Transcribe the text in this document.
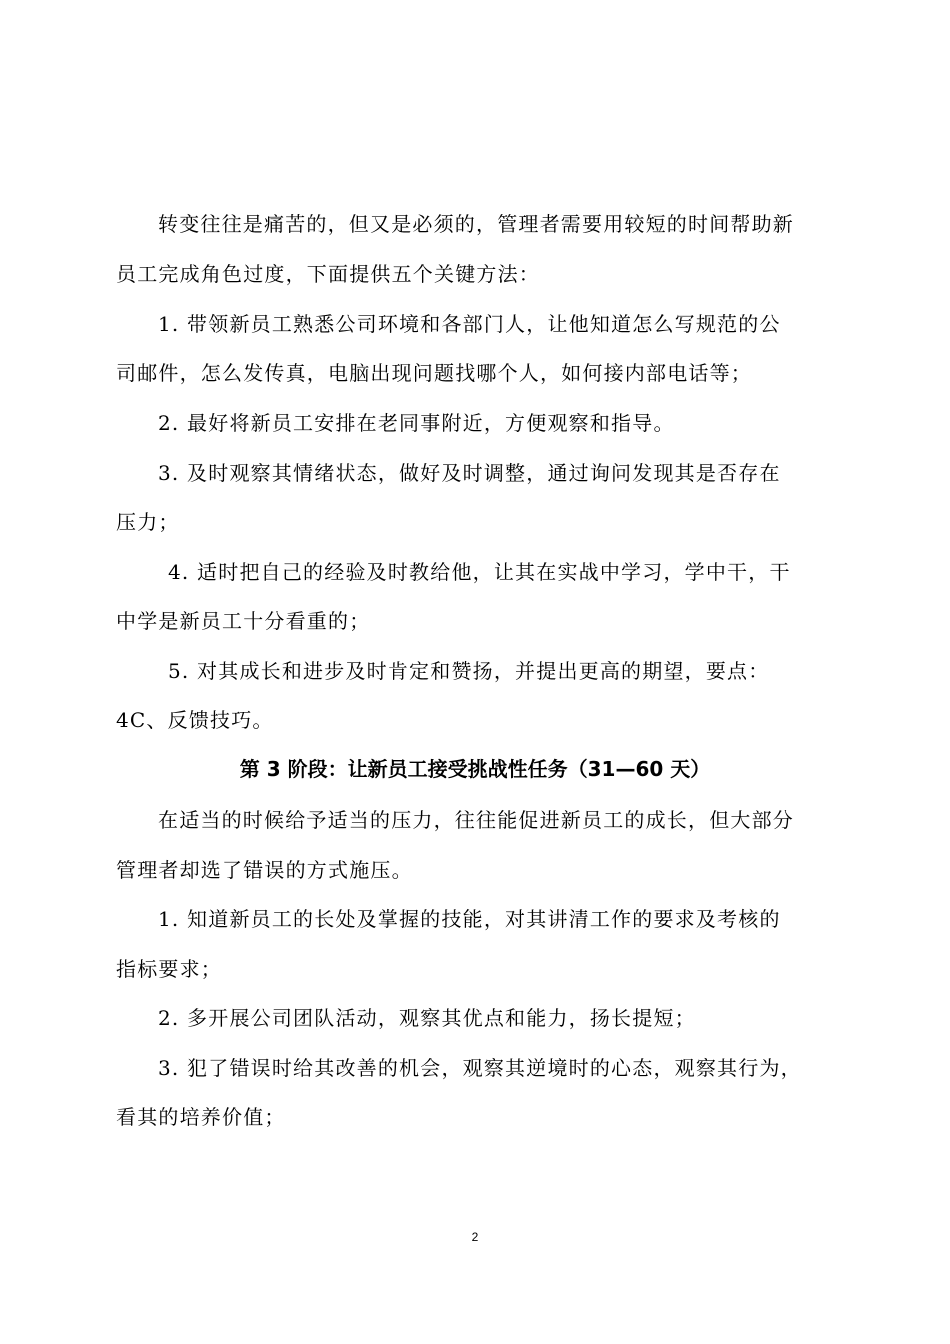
转变往往是痛苦的，但又是必须的，管理者需要用较短的时间帮助新
员工完成角色过度，下面提供五个关键方法：
1. 带领新员工熟悉公司环境和各部门人，让他知道怎么写规范的公
司邮件，怎么发传真，电脑出现问题找哪个人，如何接内部电话等；
2. 最好将新员工安排在老同事附近，方便观察和指导。
3. 及时观察其情绪状态，做好及时调整，通过询问发现其是否存在
压力；
4. 适时把自己的经验及时教给他，让其在实战中学习，学中干，干
中学是新员工十分看重的；
5. 对其成长和进步及时肯定和赞扬，并提出更高的期望，要点：
4C、反馈技巧。
第 3 阶段：让新员工接受挑战性任务（31—60 天）
在适当的时候给予适当的压力，往往能促进新员工的成长，但大部分
管理者却选了错误的方式施压。
1. 知道新员工的长处及掌握的技能，对其讲清工作的要求及考核的
指标要求；
2. 多开展公司团队活动，观察其优点和能力，扬长提短；
3. 犯了错误时给其改善的机会，观察其逆境时的心态，观察其行为，
看其的培养价值；
2
